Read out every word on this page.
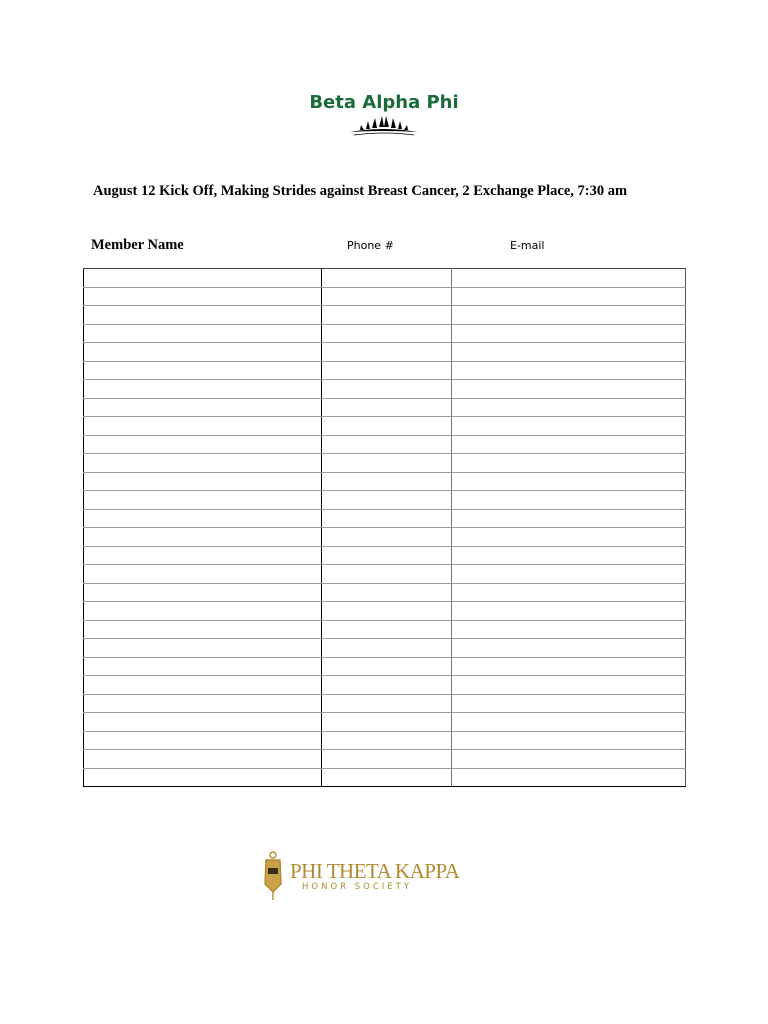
Beta Alpha Phi
August 12 Kick Off, Making Strides against Breast Cancer, 2 Exchange Place, 7:30 am
Member Name	Phone #	E-mail

PHI THETA KAPPA
HONOR SOCIETY
